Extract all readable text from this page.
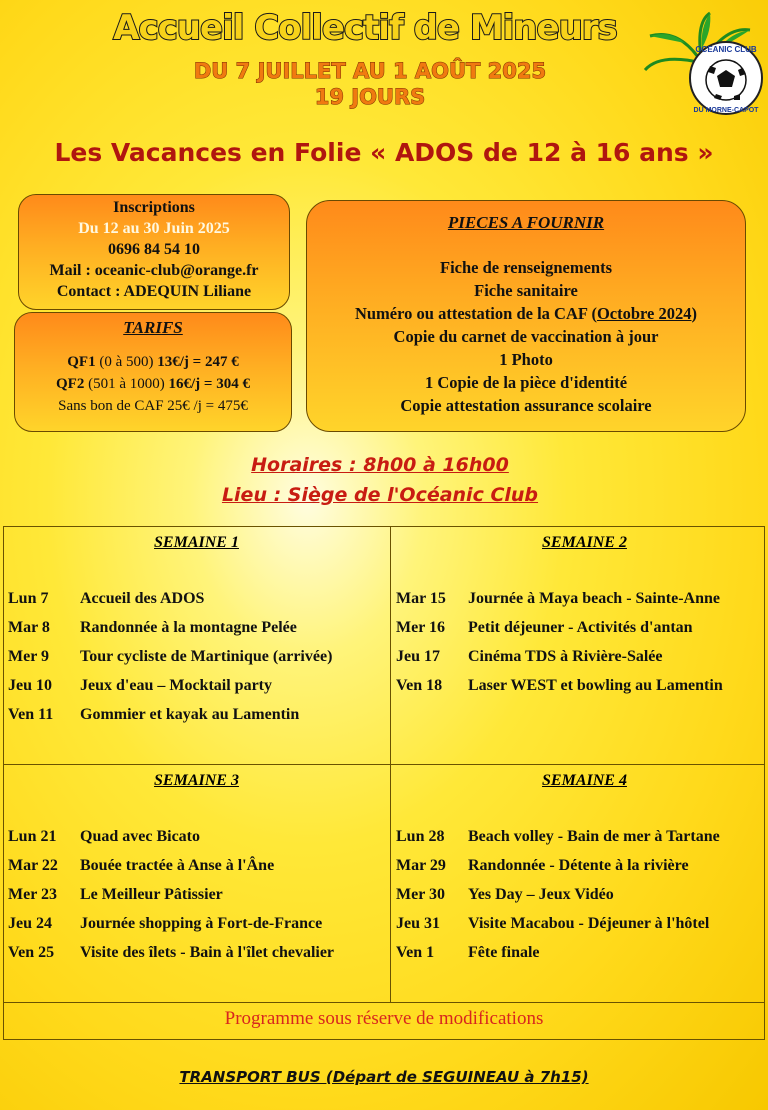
Accueil Collectif de Mineurs
DU 7 JUILLET AU 1 AOÛT 2025
19 JOURS
OCEANIC CLUB
DU MORNE-CAPOT
Les Vacances en Folie « ADOS de 12 à 16 ans »
Inscriptions
Du 12 au 30 Juin 2025
0696 84 54 10
Mail : oceanic-club@orange.fr
Contact : ADEQUIN Liliane
TARIFS
QF1 (0 à 500) 13€/j = 247 €
QF2 (501 à 1000) 16€/j = 304 €
Sans bon de CAF 25€ /j = 475€
PIECES A FOURNIR
Fiche de renseignements
Fiche sanitaire
Numéro ou attestation de la CAF (Octobre 2024)
Copie du carnet de vaccination à jour
1 Photo
1 Copie de la pièce d'identité
Copie attestation assurance scolaire
Horaires : 8h00 à 16h00
Lieu : Siège de l'Océanic Club
SEMAINE 1
Lun 7	Accueil des ADOS
Mar 8	Randonnée à la montagne Pelée
Mer 9	Tour cycliste de Martinique (arrivée)
Jeu 10	Jeux d'eau – Mocktail party
Ven 11	Gommier et kayak au Lamentin
SEMAINE 2
Mar 15	Journée à Maya beach - Sainte-Anne
Mer 16	Petit déjeuner - Activités d'antan
Jeu 17	Cinéma TDS à Rivière-Salée
Ven 18	Laser WEST et bowling au Lamentin
SEMAINE 3
Lun 21	Quad avec Bicato
Mar 22	Bouée tractée à Anse à l'Âne
Mer 23	Le Meilleur Pâtissier
Jeu 24	Journée shopping à Fort-de-France
Ven 25	Visite des îlets - Bain à l'îlet chevalier
SEMAINE 4
Lun 28	Beach volley - Bain de mer à Tartane
Mar 29	Randonnée - Détente à la rivière
Mer 30	Yes Day – Jeux Vidéo
Jeu 31	Visite Macabou - Déjeuner à l'hôtel
Ven 1	Fête finale
Programme sous réserve de modifications
TRANSPORT BUS (Départ de SEGUINEAU à 7h15)
